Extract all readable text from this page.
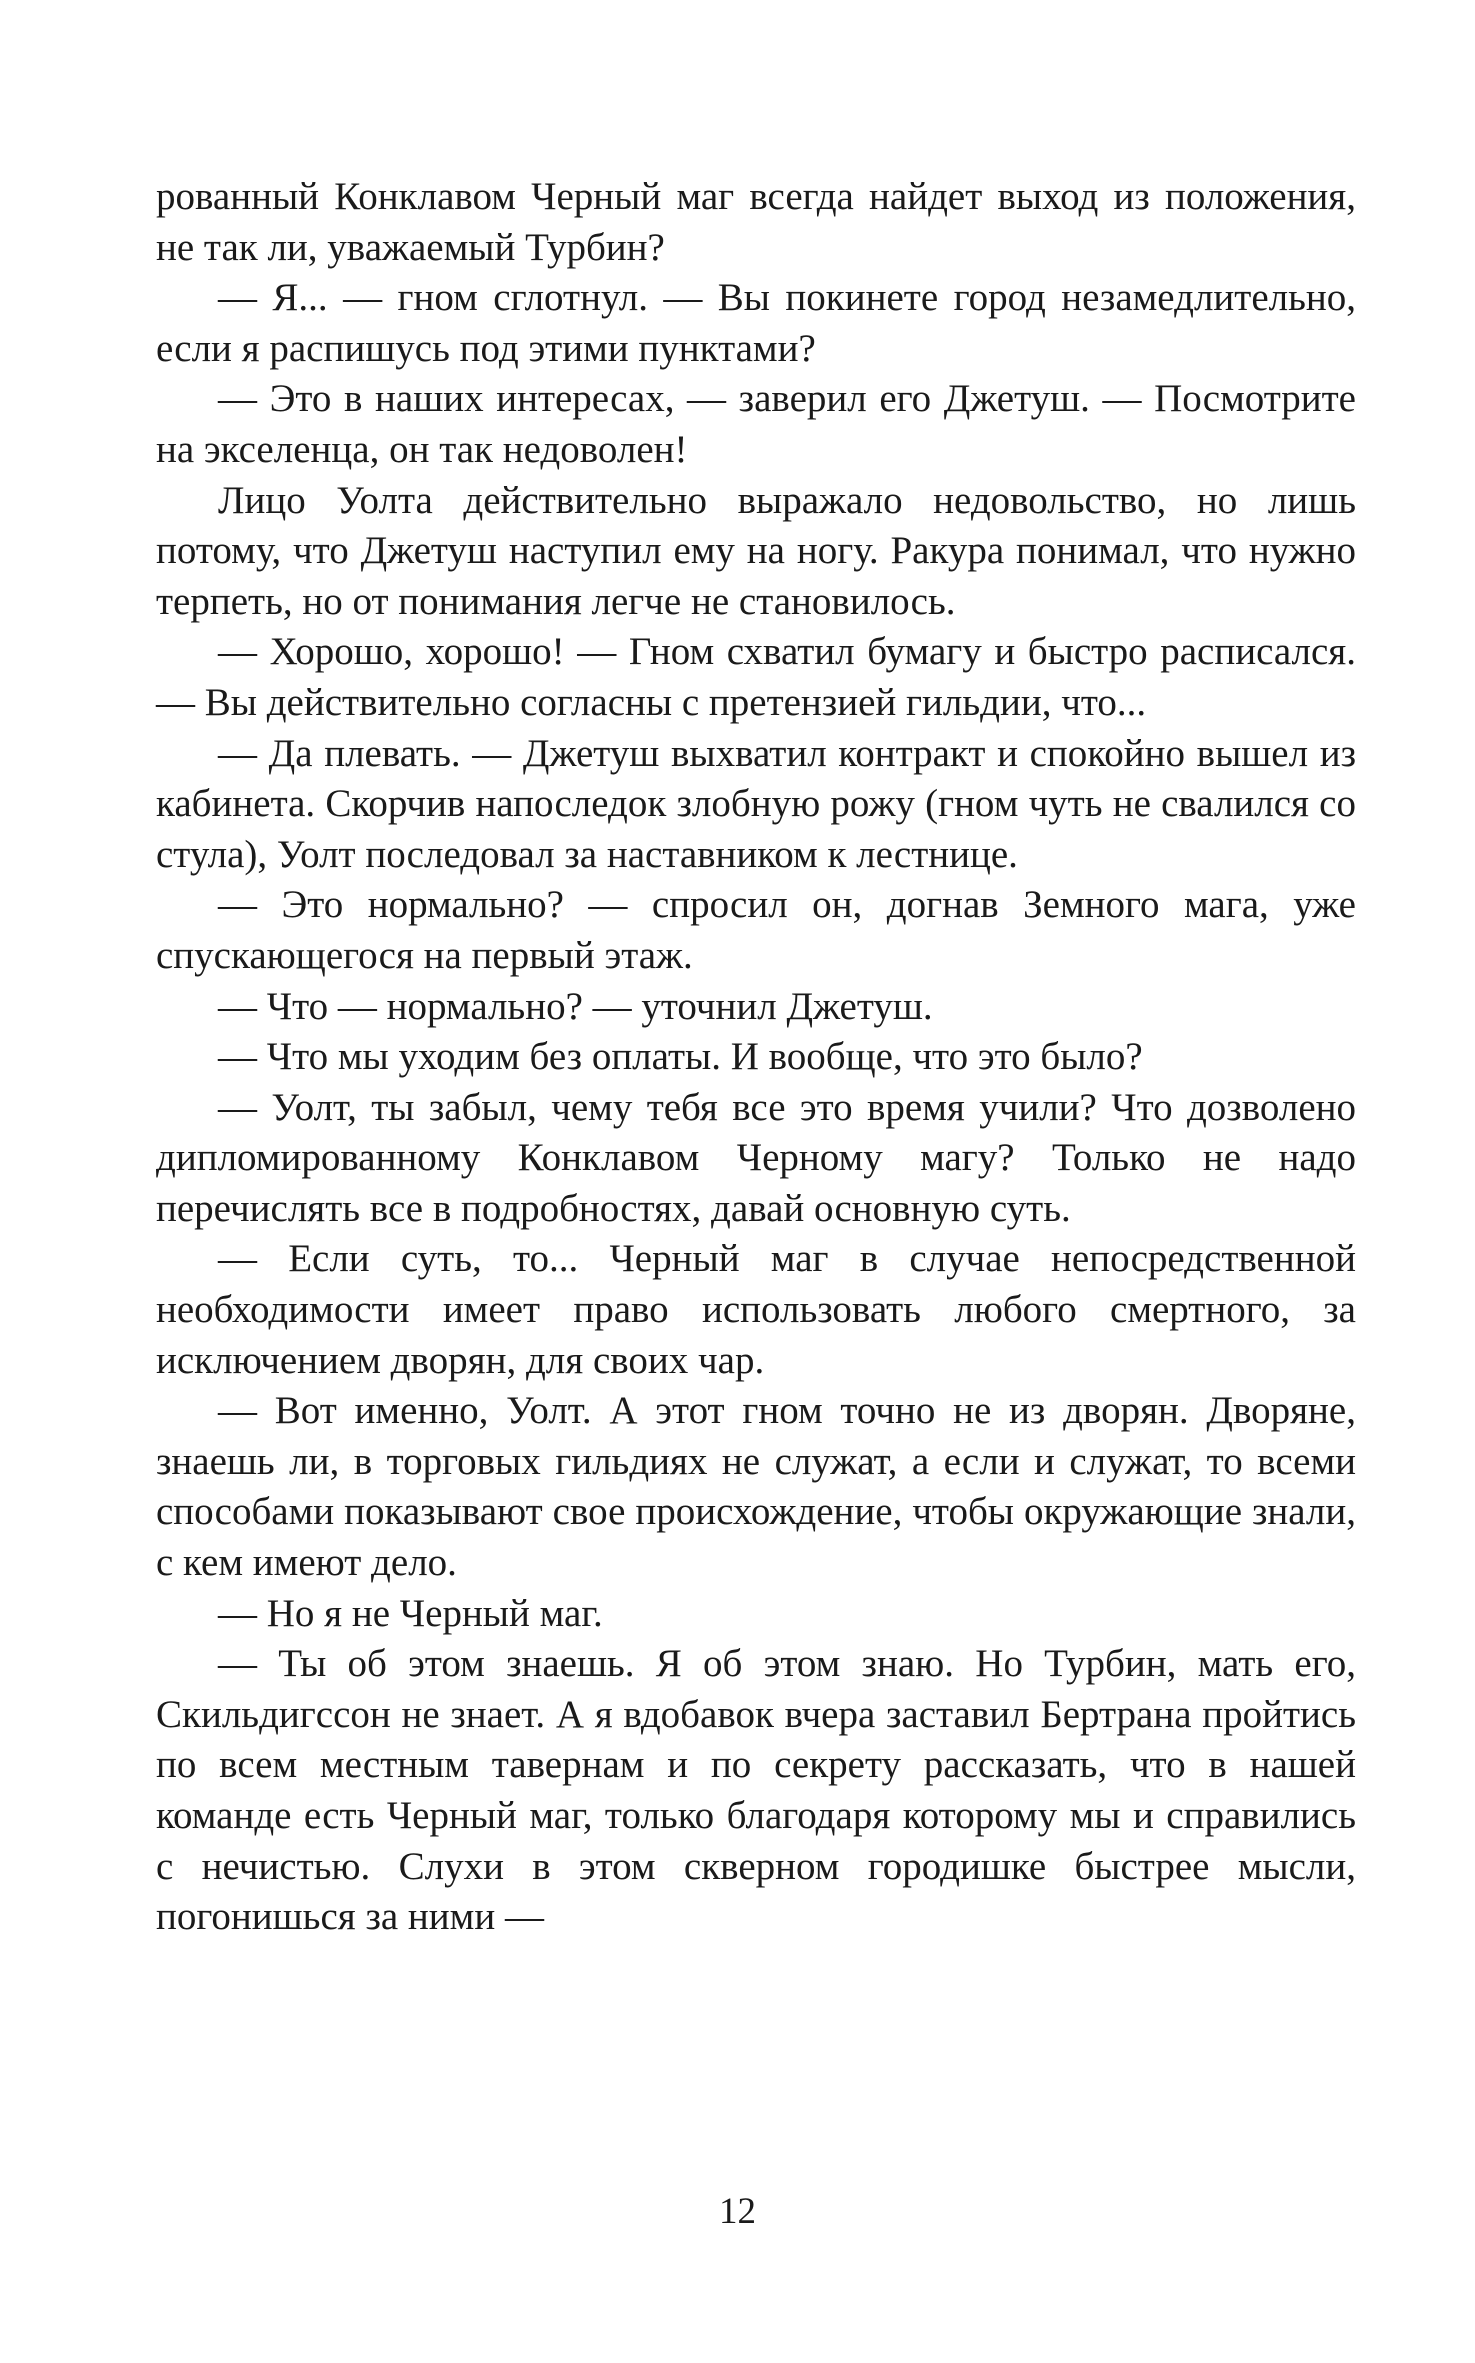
рованный Конклавом Черный маг всегда найдет выход из положения, не так ли, уважаемый Турбин?

— Я... — гном сглотнул. — Вы покинете город незамедлительно, если я распишусь под этими пунктами?

— Это в наших интересах, — заверил его Джетуш. — Посмотрите на экселенца, он так недоволен!

Лицо Уолта действительно выражало недовольство, но лишь потому, что Джетуш наступил ему на ногу. Ракура понимал, что нужно терпеть, но от понимания легче не становилось.

— Хорошо, хорошо! — Гном схватил бумагу и быстро расписался. — Вы действительно согласны с претензией гильдии, что...

— Да плевать. — Джетуш выхватил контракт и спокойно вышел из кабинета. Скорчив напоследок злобную рожу (гном чуть не свалился со стула), Уолт последовал за наставником к лестнице.

— Это нормально? — спросил он, догнав Земного мага, уже спускающегося на первый этаж.

— Что — нормально? — уточнил Джетуш.

— Что мы уходим без оплаты. И вообще, что это было?

— Уолт, ты забыл, чему тебя все это время учили? Что дозволено дипломированному Конклавом Черному магу? Только не надо перечислять все в подробностях, давай основную суть.

— Если суть, то... Черный маг в случае непосредственной необходимости имеет право использовать любого смертного, за исключением дворян, для своих чар.

— Вот именно, Уолт. А этот гном точно не из дворян. Дворяне, знаешь ли, в торговых гильдиях не служат, а если и служат, то всеми способами показывают свое происхождение, чтобы окружающие знали, с кем имеют дело.

— Но я не Черный маг.

— Ты об этом знаешь. Я об этом знаю. Но Турбин, мать его, Скильдигссон не знает. А я вдобавок вчера заставил Бертрана пройтись по всем местным тавернам и по секрету рассказать, что в нашей команде есть Черный маг, только благодаря которому мы и справились с нечистью. Слухи в этом скверном городишке быстрее мысли, погонишься за ними —

12
